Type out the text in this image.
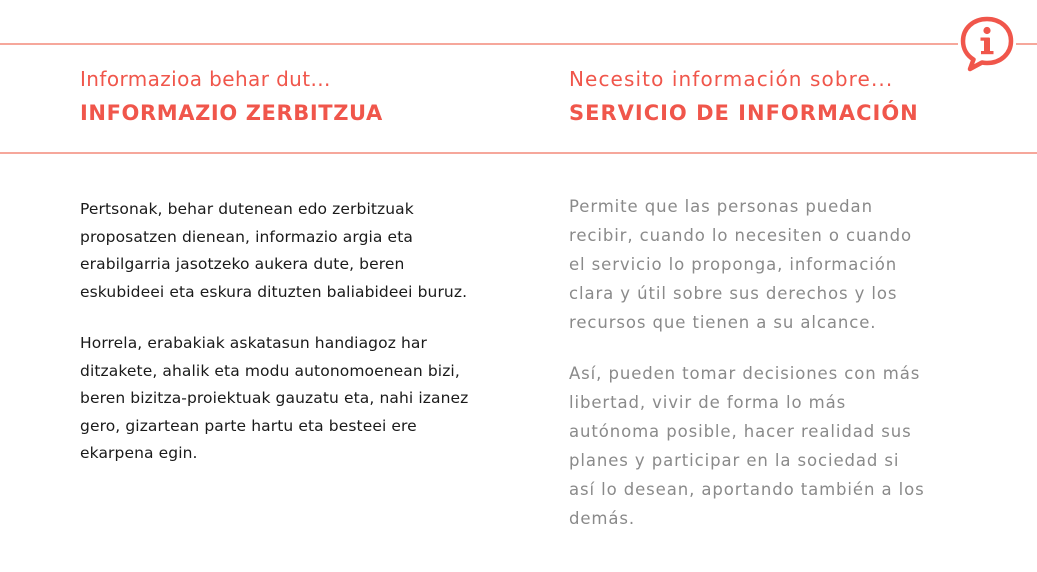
Informazioa behar dut...
INFORMAZIO ZERBITZUA

Pertsonak, behar dutenean edo zerbitzuak proposatzen dienean, informazio argia eta erabilgarria jasotzeko aukera dute, beren eskubideei eta eskura dituzten baliabideei buruz.

Horrela, erabakiak askatasun handiagoz har ditzakete, ahalik eta modu autonomoenean bizi, beren bizitza-proiektuak gauzatu eta, nahi izanez gero, gizartean parte hartu eta besteei ere ekarpena egin.

Necesito información sobre...
SERVICIO DE INFORMACIÓN

Permite que las personas puedan recibir, cuando lo necesiten o cuando el servicio lo proponga, información clara y útil sobre sus derechos y los recursos que tienen a su alcance.

Así, pueden tomar decisiones con más libertad, vivir de forma lo más autónoma posible, hacer realidad sus planes y participar en la sociedad si así lo desean, aportando también a los demás.
